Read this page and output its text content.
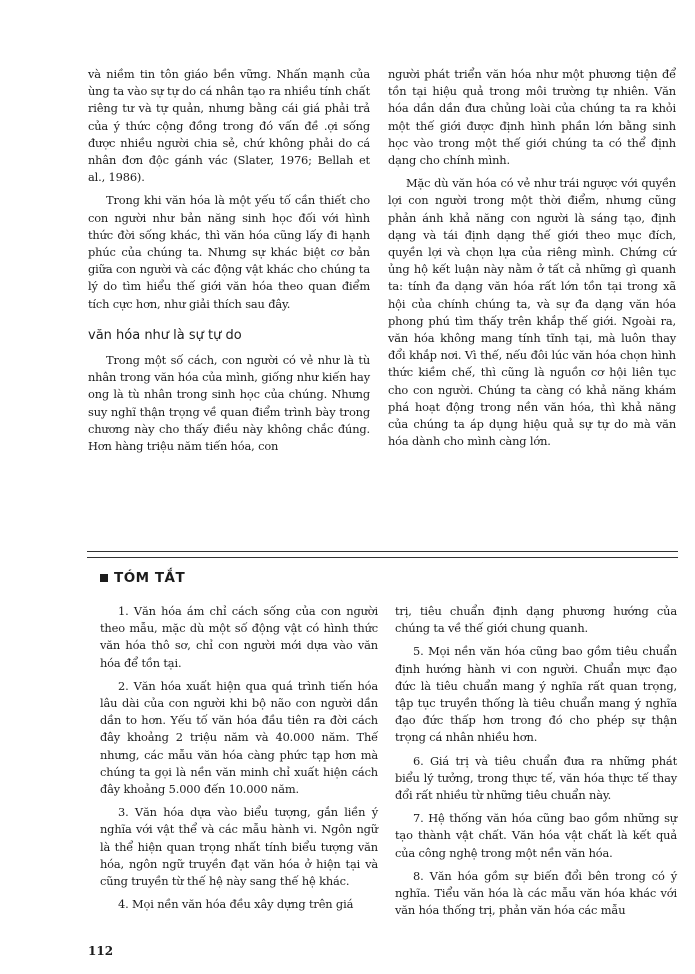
và niềm tin tôn giáo bền vững. Nhấn mạnh của ùng ta vào sự tự do cá nhân tạo ra nhiều tính chất riêng tư và tự quản, nhưng bằng cái giá phải trả của ý thức cộng đồng trong đó vấn đề .ợi sống được nhiều người chia sẻ, chứ không phải do cá nhân đơn độc gánh vác (Slater, 1976; Bellah et al., 1986).

Trong khi văn hóa là một yếu tố cần thiết cho con người như bản năng sinh học đối với hình thức đời sống khác, thì văn hóa cũng lấy đi hạnh phúc của chúng ta. Nhưng sự khác biệt cơ bản giữa con người và các động vật khác cho chúng ta lý do tìm hiểu thế giới văn hóa theo quan điểm tích cực hơn, như giải thích sau đây.

văn hóa như là sự tự do

Trong một số cách, con người có vẻ như là tù nhân trong văn hóa của mình, giống như kiến hay ong là tù nhân trong sinh học của chúng. Nhưng suy nghĩ thận trọng về quan điểm trình bày trong chương này cho thấy điều này không chắc đúng. Hơn hàng triệu năm tiến hóa, con

người phát triển văn hóa như một phương tiện để tồn tại hiệu quả trong môi trường tự nhiên. Văn hóa dần dần đưa chủng loài của chúng ta ra khỏi một thế giới được định hình phần lớn bằng sinh học vào trong một thế giới chúng ta có thể định dạng cho chính mình.

Mặc dù văn hóa có vẻ như trái ngược với quyền lợi con người trong một thời điểm, nhưng cũng phản ánh khả năng con người là sáng tạo, định dạng và tái định dạng thế giới theo mục đích, quyền lợi và chọn lựa của riêng mình. Chứng cứ ủng hộ kết luận này nằm ở tất cả những gì quanh ta: tính đa dạng văn hóa rất lớn tồn tại trong xã hội của chính chúng ta, và sự đa dạng văn hóa phong phú tìm thấy trên khắp thế giới. Ngoài ra, văn hóa không mang tính tĩnh tại, mà luôn thay đổi khắp nơi. Vì thế, nếu đôi lúc văn hóa chọn hình thức kiềm chế, thì cũng là nguồn cơ hội liên tục cho con người. Chúng ta càng có khả năng khám phá hoạt động trong nền văn hóa, thì khả năng của chúng ta áp dụng hiệu quả sự tự do mà văn hóa dành cho mình càng lớn.

TÓM TẮT

1. Văn hóa ám chỉ cách sống của con người theo mẫu, mặc dù một số động vật có hình thức văn hóa thô sơ, chỉ con người mới dựa vào văn hóa để tồn tại.

2. Văn hóa xuất hiện qua quá trình tiến hóa lâu dài của con người khi bộ não con người dần dần to hơn. Yếu tố văn hóa đầu tiên ra đời cách đây khoảng 2 triệu năm và 40.000 năm. Thế nhưng, các mẫu văn hóa càng phức tạp hơn mà chúng ta gọi là nền văn minh chỉ xuất hiện cách đây khoảng 5.000 đến 10.000 năm.

3. Văn hóa dựa vào biểu tượng, gắn liền ý nghĩa với vật thể và các mẫu hành vi. Ngôn ngữ là thể hiện quan trọng nhất tính biểu tượng văn hóa, ngôn ngữ truyền đạt văn hóa ở hiện tại và cũng truyền từ thế hệ này sang thế hệ khác.

4. Mọi nền văn hóa đều xây dựng trên giá

trị, tiêu chuẩn định dạng phương hướng của chúng ta về thế giới chung quanh.

5. Mọi nền văn hóa cũng bao gồm tiêu chuẩn định hướng hành vi con người. Chuẩn mực đạo đức là tiêu chuẩn mang ý nghĩa rất quan trọng, tập tục truyền thống là tiêu chuẩn mang ý nghĩa đạo đức thấp hơn trong đó cho phép sự thận trọng cá nhân nhiều hơn.

6. Giá trị và tiêu chuẩn đưa ra những phát biểu lý tưởng, trong thực tế, văn hóa thực tế thay đổi rất nhiều từ những tiêu chuẩn này.

7. Hệ thống văn hóa cũng bao gồm những sự tạo thành vật chất. Văn hóa vật chất là kết quả của công nghệ trong một nền văn hóa.

8. Văn hóa gồm sự biến đổi bên trong có ý nghĩa. Tiểu văn hóa là các mẫu văn hóa khác với văn hóa thống trị, phản văn hóa các mẫu

112
